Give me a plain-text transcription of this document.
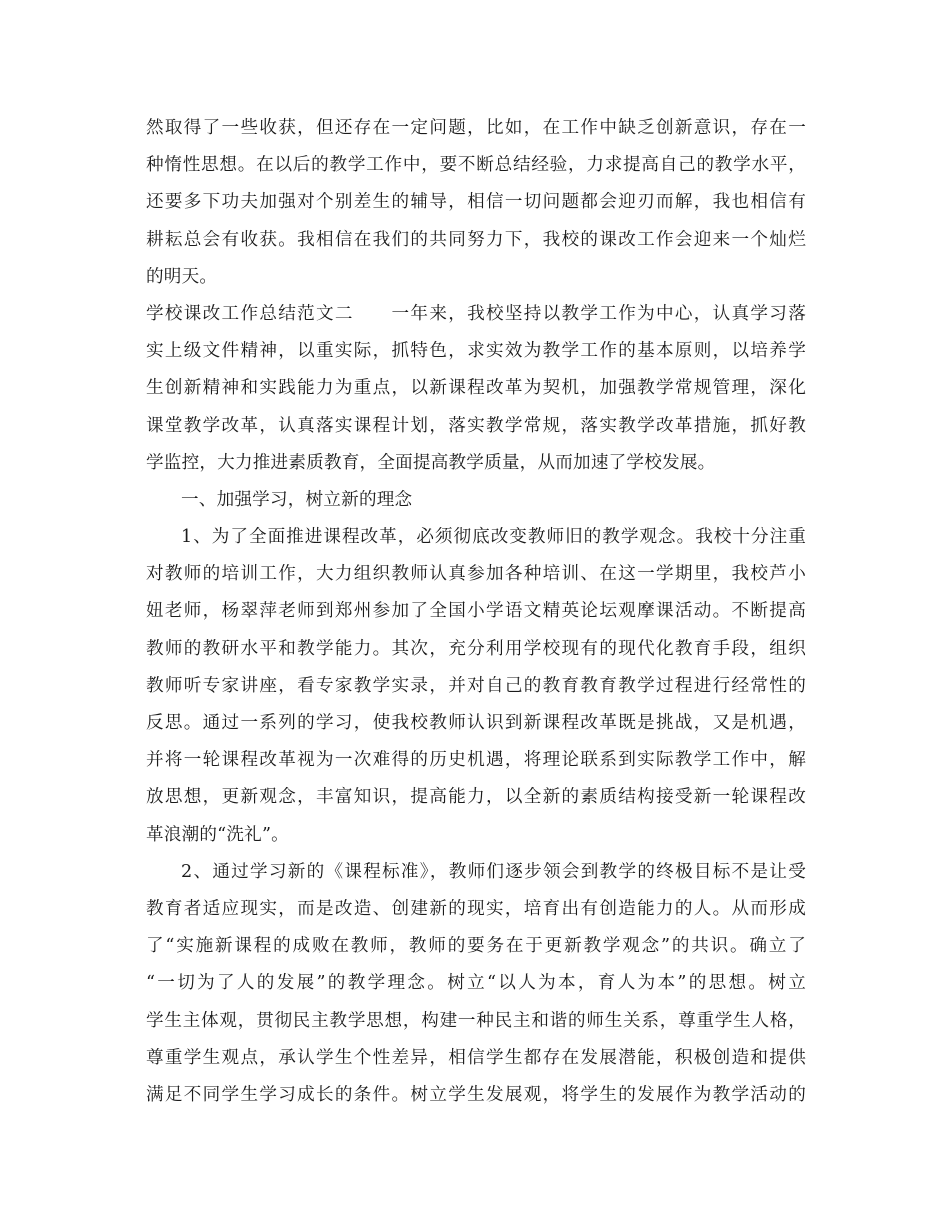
然取得了一些收获，但还存在一定问题，比如，在工作中缺乏创新意识，存在一
种惰性思想。在以后的教学工作中，要不断总结经验，力求提高自己的教学水平，
还要多下功夫加强对个别差生的辅导，相信一切问题都会迎刃而解，我也相信有
耕耘总会有收获。我相信在我们的共同努力下，我校的课改工作会迎来一个灿烂
的明天。
学校课改工作总结范文二　　一年来，我校坚持以教学工作为中心，认真学习落
实上级文件精神，以重实际，抓特色，求实效为教学工作的基本原则，以培养学
生创新精神和实践能力为重点，以新课程改革为契机，加强教学常规管理，深化
课堂教学改革，认真落实课程计划，落实教学常规，落实教学改革措施，抓好教
学监控，大力推进素质教育，全面提高教学质量，从而加速了学校发展。
一、加强学习，树立新的理念
1、为了全面推进课程改革，必须彻底改变教师旧的教学观念。我校十分注重
对教师的培训工作，大力组织教师认真参加各种培训、在这一学期里，我校芦小
妞老师，杨翠萍老师到郑州参加了全国小学语文精英论坛观摩课活动。不断提高
教师的教研水平和教学能力。其次，充分利用学校现有的现代化教育手段，组织
教师听专家讲座，看专家教学实录，并对自己的教育教育教学过程进行经常性的
反思。通过一系列的学习，使我校教师认识到新课程改革既是挑战，又是机遇，
并将一轮课程改革视为一次难得的历史机遇，将理论联系到实际教学工作中，解
放思想，更新观念，丰富知识，提高能力，以全新的素质结构接受新一轮课程改
革浪潮的“洗礼”。
2、通过学习新的《课程标准》，教师们逐步领会到教学的终极目标不是让受
教育者适应现实，而是改造、创建新的现实，培育出有创造能力的人。从而形成
了“实施新课程的成败在教师，教师的要务在于更新教学观念”的共识。确立了
“一切为了人的发展”的教学理念。树立“以人为本，育人为本”的思想。树立
学生主体观，贯彻民主教学思想，构建一种民主和谐的师生关系，尊重学生人格，
尊重学生观点，承认学生个性差异，相信学生都存在发展潜能，积极创造和提供
满足不同学生学习成长的条件。树立学生发展观，将学生的发展作为教学活动的
